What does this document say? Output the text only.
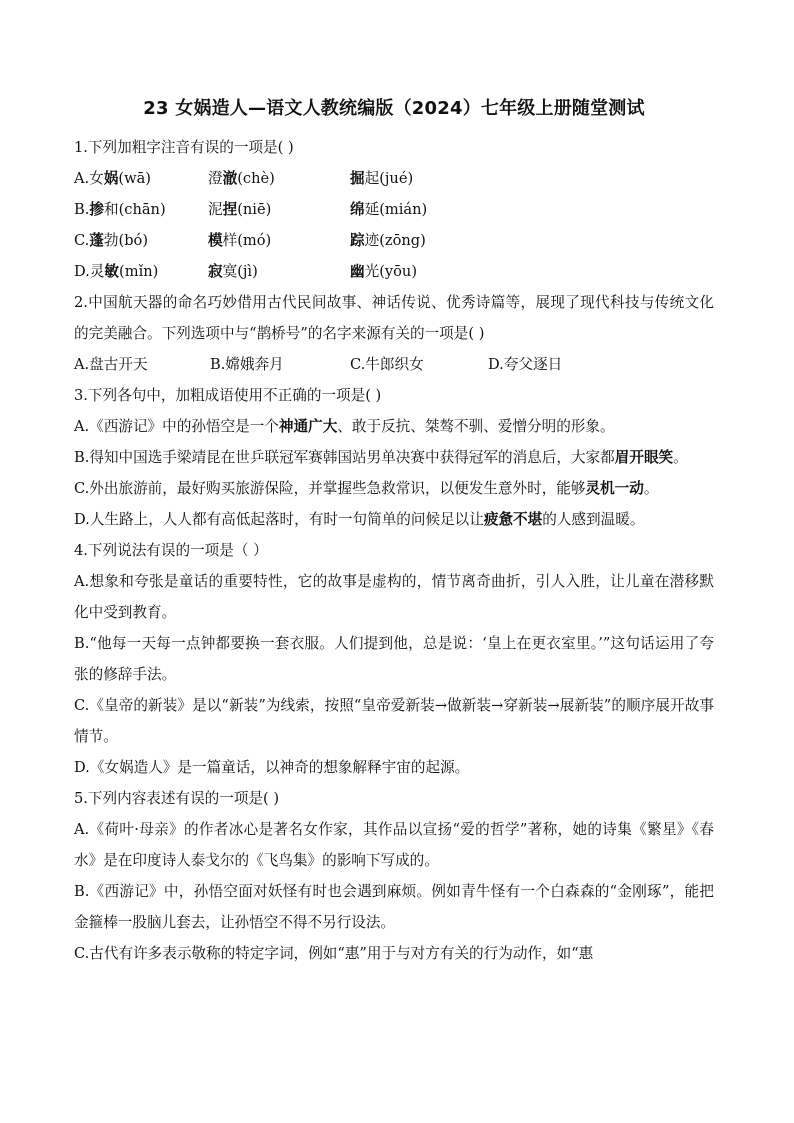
23 女娲造人—语文人教统编版（2024）七年级上册随堂测试
1.下列加粗字注音有误的一项是( )
A.女娲(wā)	澄澈(chè)	掘起(jué)
B.掺和(chān)	泥捏(niē)	绵延(mián)
C.蓬勃(bó)	模样(mó)	踪迹(zōng)
D.灵敏(mǐn)	寂寞(jì)	幽光(yōu)
2.中国航天器的命名巧妙借用古代民间故事、神话传说、优秀诗篇等，展现了现代科技与传统文化的完美融合。下列选项中与“鹊桥号”的名字来源有关的一项是( )
A.盘古开天	B.嫦娥奔月	C.牛郎织女	D.夸父逐日
3.下列各句中，加粗成语使用不正确的一项是( )
A.《西游记》中的孙悟空是一个神通广大、敢于反抗、桀骜不驯、爱憎分明的形象。
B.得知中国选手梁靖昆在世乒联冠军赛韩国站男单决赛中获得冠军的消息后，大家都眉开眼笑。
C.外出旅游前，最好购买旅游保险，并掌握些急救常识，以便发生意外时，能够灵机一动。
D.人生路上，人人都有高低起落时，有时一句简单的问候足以让疲惫不堪的人感到温暖。
4.下列说法有误的一项是（ ）
A.想象和夸张是童话的重要特性，它的故事是虚构的，情节离奇曲折，引人入胜，让儿童在潜移默化中受到教育。
B.“他每一天每一点钟都要换一套衣服。人们提到他，总是说：‘皇上在更衣室里。’”这句话运用了夸张的修辞手法。
C.《皇帝的新装》是以“新装”为线索，按照“皇帝爱新装→做新装→穿新装→展新装”的顺序展开故事情节。
D.《女娲造人》是一篇童话，以神奇的想象解释宇宙的起源。
5.下列内容表述有误的一项是( )
A.《荷叶·母亲》的作者冰心是著名女作家，其作品以宣扬“爱的哲学”著称，她的诗集《繁星》《春水》是在印度诗人泰戈尔的《飞鸟集》的影响下写成的。
B.《西游记》中，孙悟空面对妖怪有时也会遇到麻烦。例如青牛怪有一个白森森的“金刚琢”，能把金箍棒一股脑儿套去，让孙悟空不得不另行设法。
C.古代有许多表示敬称的特定字词，例如“惠”用于与对方有关的行为动作，如“惠
